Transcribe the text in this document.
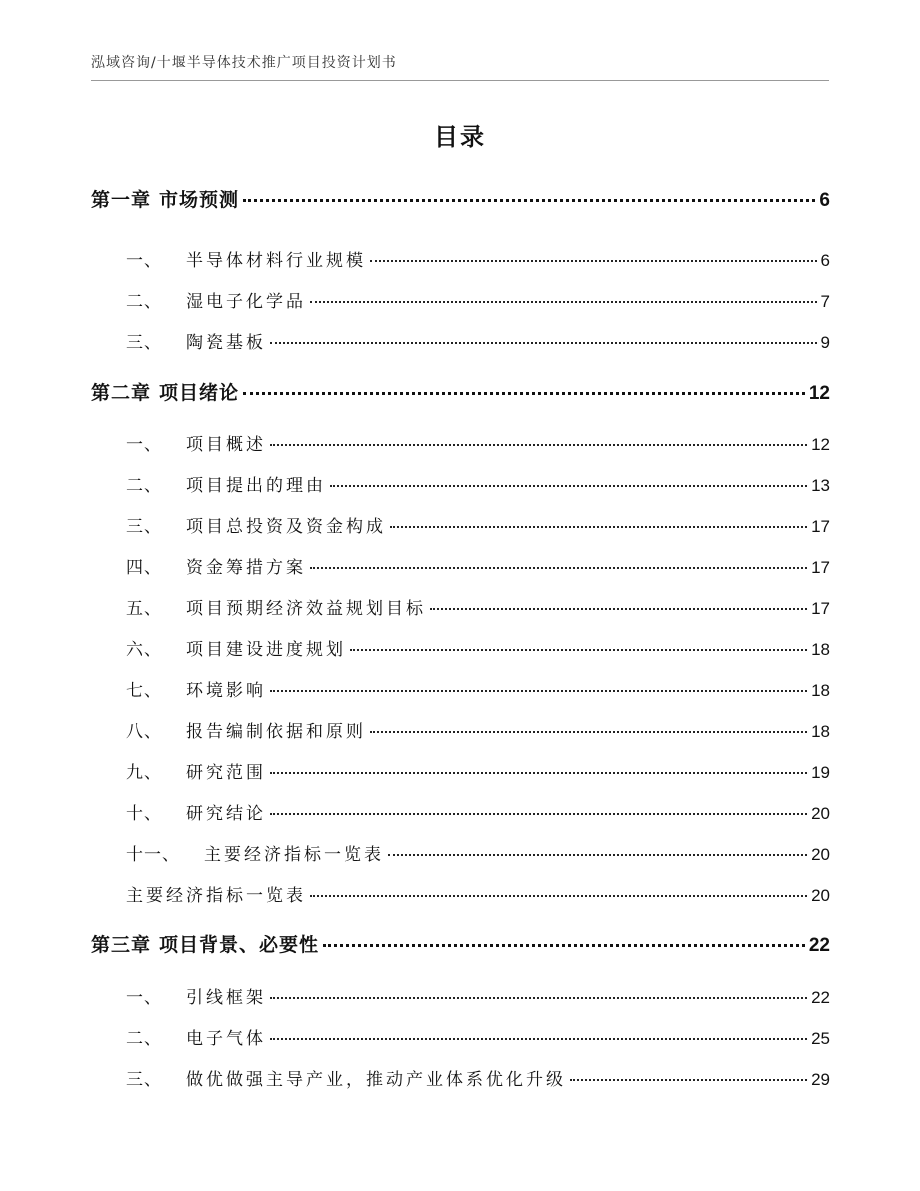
泓域咨询/十堰半导体技术推广项目投资计划书
目录
第一章 市场预测	6
一、 半导体材料行业规模	6
二、 湿电子化学品	7
三、 陶瓷基板	9
第二章 项目绪论	12
一、 项目概述	12
二、 项目提出的理由	13
三、 项目总投资及资金构成	17
四、 资金筹措方案	17
五、 项目预期经济效益规划目标	17
六、 项目建设进度规划	18
七、 环境影响	18
八、 报告编制依据和原则	18
九、 研究范围	19
十、 研究结论	20
十一、 主要经济指标一览表	20
主要经济指标一览表	20
第三章 项目背景、必要性	22
一、 引线框架	22
二、 电子气体	25
三、 做优做强主导产业，推动产业体系优化升级	29
